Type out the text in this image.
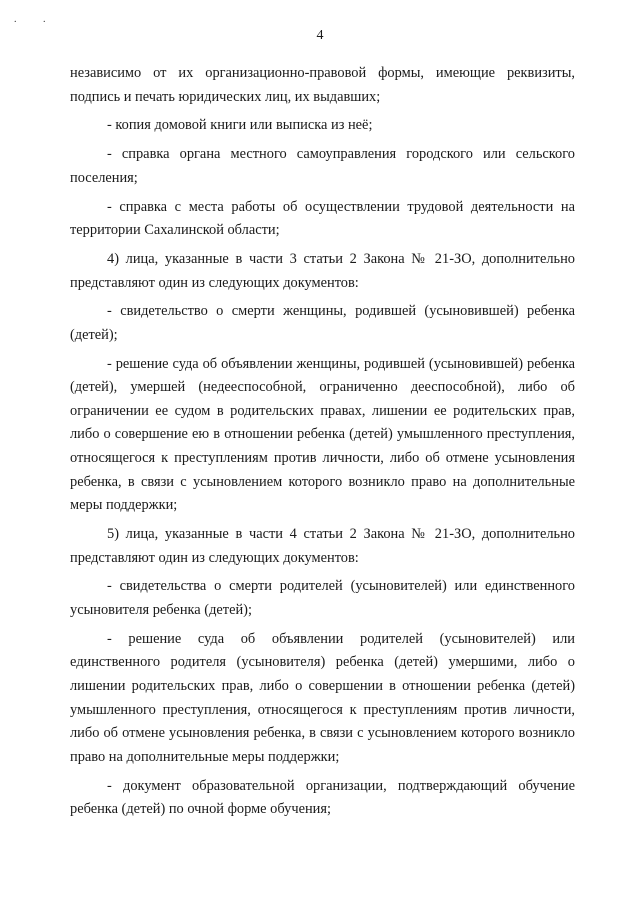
. .
4

независимо от их организационно-правовой формы, имеющие реквизиты, подпись и печать юридических лиц, их выдавших;

- копия домовой книги или выписка из неё;

- справка органа местного самоуправления городского или сельского поселения;

- справка с места работы об осуществлении трудовой деятельности на территории Сахалинской области;

4) лица, указанные в части 3 статьи 2 Закона № 21-ЗО, дополнительно представляют один из следующих документов:

- свидетельство о смерти женщины, родившей (усыновившей) ребенка (детей);

- решение суда об объявлении женщины, родившей (усыновившей) ребенка (детей), умершей (недееспособной, ограниченно дееспособной), либо об ограничении ее судом в родительских правах, лишении ее родительских прав, либо о совершение ею в отношении ребенка (детей) умышленного преступления, относящегося к преступлениям против личности, либо об отмене усыновления ребенка, в связи с усыновлением которого возникло право на дополнительные меры поддержки;

5) лица, указанные в части 4 статьи 2 Закона № 21-ЗО, дополнительно представляют один из следующих документов:

- свидетельства о смерти родителей (усыновителей) или единственного усыновителя ребенка (детей);

- решение суда об объявлении родителей (усыновителей) или единственного родителя (усыновителя) ребенка (детей) умершими, либо о лишении родительских прав, либо о совершении в отношении ребенка (детей) умышленного преступления, относящегося к преступлениям против личности, либо об отмене усыновления ребенка, в связи с усыновлением которого возникло право на дополнительные меры поддержки;

- документ образовательной организации, подтверждающий обучение ребенка (детей) по очной форме обучения;
